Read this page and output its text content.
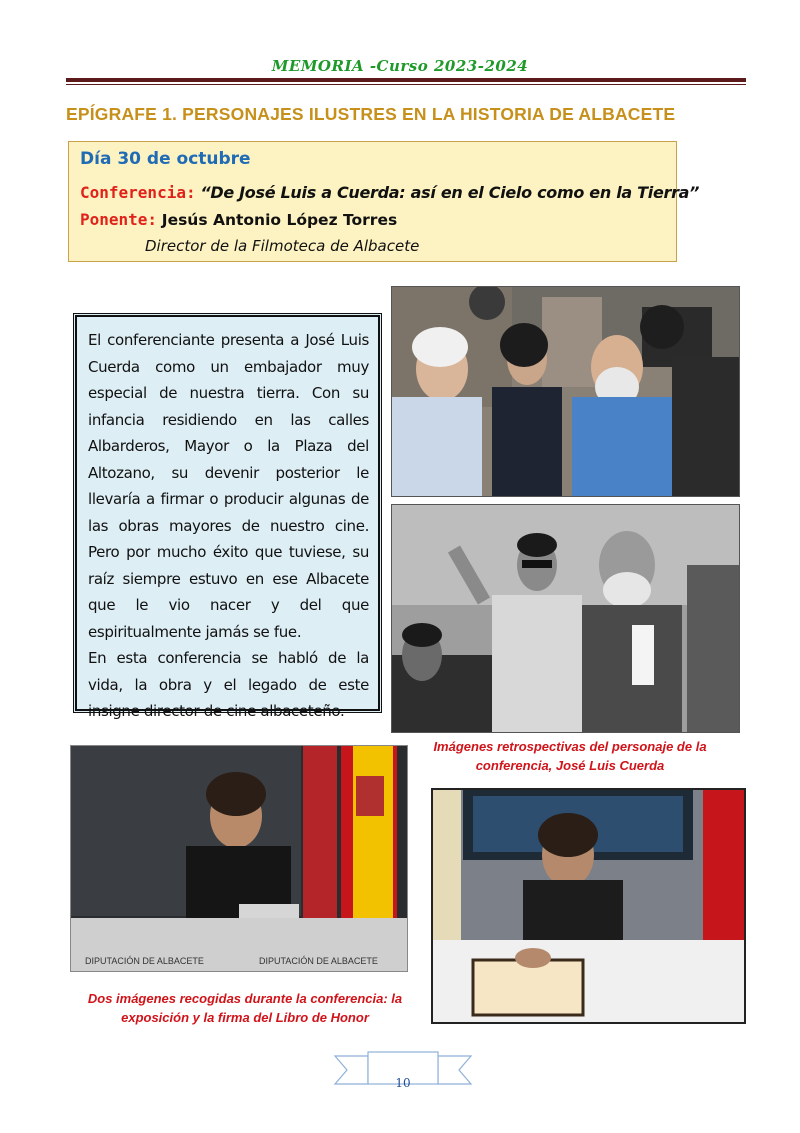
MEMORIA -Curso 2023-2024
EPÍGRAFE 1. PERSONAJES ILUSTRES EN LA HISTORIA DE ALBACETE
Día 30 de octubre
Conferencia: “De José Luis a Cuerda: así en el Cielo como en la Tierra”
Ponente: Jesús Antonio López Torres
Director de la Filmoteca de Albacete
El conferenciante presenta a José Luis Cuerda como un embajador muy especial de nuestra tierra. Con su infancia residiendo en las calles Albarderos, Mayor o la Plaza del Altozano, su devenir posterior le llevaría a firmar o producir algunas de las obras mayores de nuestro cine. Pero por mucho éxito que tuviese, su raíz siempre estuvo en ese Albacete que le vio nacer y del que espiritualmente jamás se fue.
En esta conferencia se habló de la vida, la obra y el legado de este insigne director de cine albaceteño.
DIPUTACIÓN DE ALBACETE	DIPUTACIÓN DE ALBACETE
Imágenes retrospectivas del personaje de la conferencia, José Luis Cuerda
Dos imágenes recogidas durante la conferencia: la exposición y la firma del Libro de Honor
10
